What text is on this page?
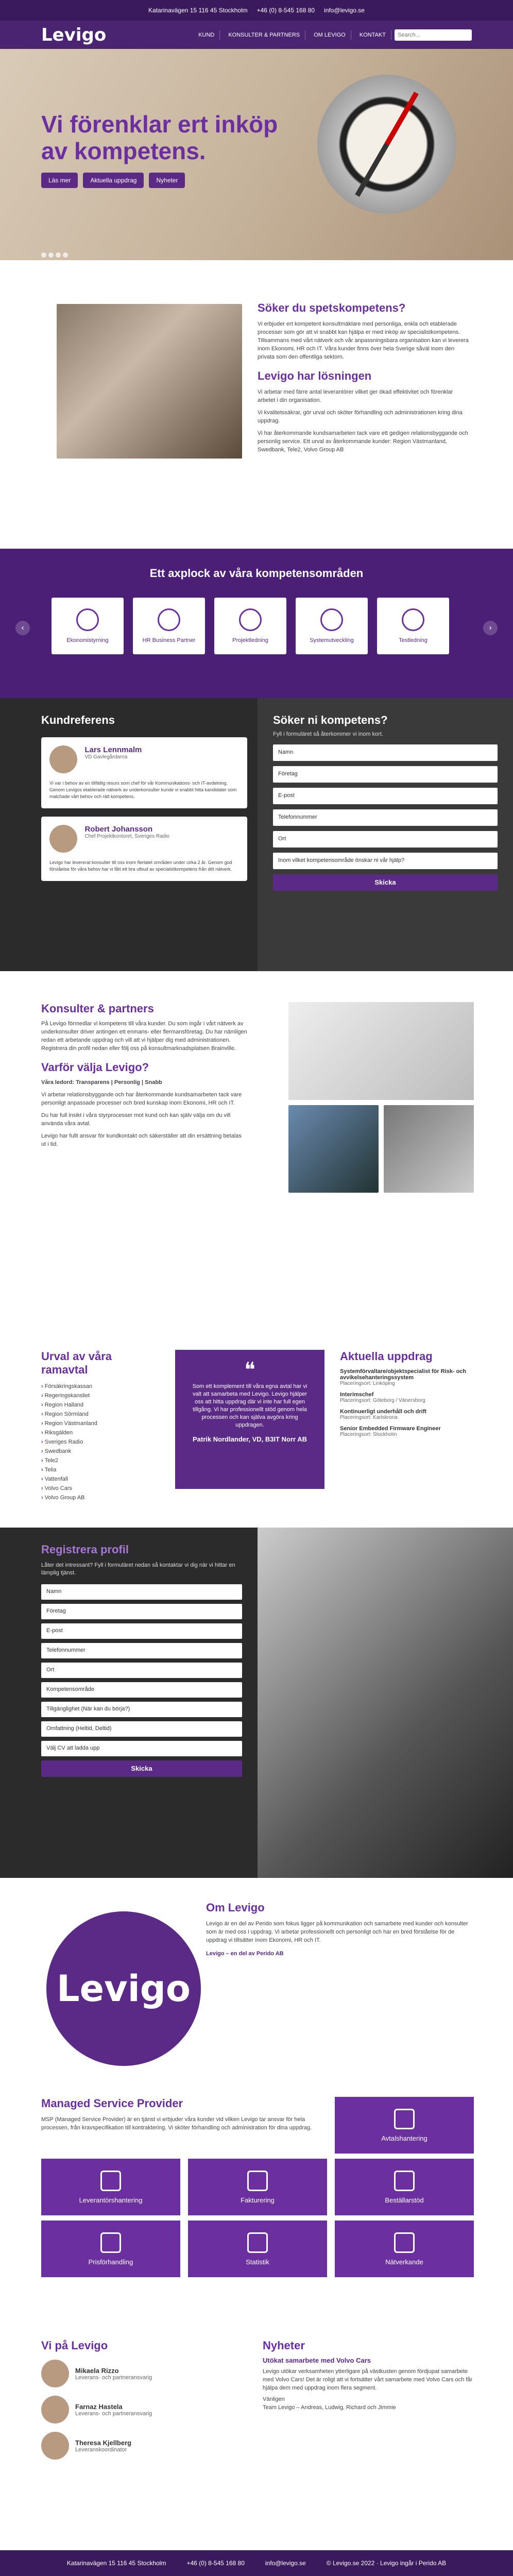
Katarinavägen 15 116 45 Stockholm +46 (0) 8-545 168 80 info@levigo.se
Levigo	KUND	KONSULTER & PARTNERS	OM LEVIGO	KONTAKT
Search...
Vi förenklar ert inköp av kompetens.
Läs mer	Aktuella uppdrag	Nyheter
Söker du spetskompetens?

Vi erbjuder ert kompetent konsultmäklare med personliga, enkla och etablerade processer som gör att vi snabbt kan hjälpa er med inköp av specialistkompetens. Tillsammans med vårt nätverk och vår anpassningsbara organisation kan vi leverera inom Ekonomi, HR och IT. Våra kunder finns över hela Sverige såväl inom den privata som den offentliga sektorn.

Levigo har lösningen

Vi arbetar med färre antal leverantörer vilket ger ökad effektivitet och förenklar arbetet i din organisation.

Vi kvalitetssäkrar, gör urval och sköter förhandling och administrationen kring dina uppdrag.

Vi har återkommande kundsamarbeten tack vare ett gedigen relationsbyggande och personlig service. Ett urval av återkommande kunder: Region Västmanland, Swedbank, Tele2, Volvo Group AB

Ett axplock av våra kompetensområden
‹	›
Ekonomistyrning	HR Business Partner	Projektledning	Systemutveckling	Testledning
Kundreferens

Lars Lennmalm
VD Gavlegårdarna

Vi var i behov av en tillfällig resurs som chef för vår Kommunikations- och IT-avdelning. Genom Levigos etablerade nätverk av underkonsulter kunde vi snabbt hitta kandidater som matchade vårt behov och rätt kompetens.

Robert Johansson
Chef Projektkontoret, Sveriges Radio

Levigo har levererat konsulter till oss inom flertalet områden under cirka 2 år. Genom god förståelse för våra behov har vi fått ett bra utbud av specialistkompetens från ditt nätverk.

Söker ni kompetens?
Fyll i formuläret så återkommer vi inom kort.
Namn
Företag
E-post
Telefonnummer
Ort
Inom vilket kompetensområde önskar ni vår hjälp?
Skicka
Konsulter & partners

På Levigo förmedlar vi kompetens till våra kunder. Du som ingår i vårt nätverk av underkonsulter driver antingen ett enmans- eller flermansföretag. Du har nämligen redan ett arbetande uppdrag och vill att vi hjälper dig med administrationen. Registrera din profil nedan eller följ oss på konsultmarknadsplatsen Brainville.

Varför välja Levigo?

Våra ledord: Transparens | Personlig | Snabb

Vi arbetar relationsbyggande och har återkommande kundsamarbeten tack vare personligt anpassade processer och bred kunskap inom Ekonomi, HR och IT.

Du har full insikt i våra styrprocesser mot kund och kan själv välja om du vill använda våra avtal.

Levigo har fullt ansvar för kundkontakt och säkerställer att din ersättning betalas ut i tid.

Urval av våra ramavtal
› Försäkringskassan
› Regeringskansliet
› Region Halland
› Region Sörmland
› Region Västmanland
› Riksgälden
› Sveriges Radio
› Swedbank
› Tele2
› Telia
› Vattenfall
› Volvo Cars
› Volvo Group AB
❝

Som ett komplement till våra egna avtal har vi valt att samarbeta med Levigo. Levigo hjälper oss att hitta uppdrag där vi inte har full egen tillgång. Vi har professionellt stöd genom hela processen och kan själva avgöra kring uppdragen.

Patrik Nordlander, VD, B3IT Norr AB

Aktuella uppdrag
Systemförvaltare/objektspecialist för Risk- och avvikelsehanteringssystem
Placeringsort: Linköping
Interimschef
Placeringsort: Göteborg / Vänersborg
Kontinuerligt underhåll och drift
Placeringsort: Karlskrona
Senior Embedded Firmware Engineer
Placeringsort: Stockholm
Registrera profil

Låter det intressant? Fyll i formuläret nedan så kontaktar vi dig när vi hittar en lämplig tjänst.

Namn
Företag
E-post
Telefonnummer
Ort
Kompetensområde
Tillgänglighet (När kan du börja?)
Omfattning (Heltid, Deltid)
Välj CV att ladda upp
Skicka
Levigo
Om Levigo

Levigo är en del av Perido som fokus ligger på kommunikation och samarbete med kunder och konsulter som är med oss i uppdrag. Vi arbetar professionellt och personligt och har en bred förståelse för de uppdrag vi tillsätter inom Ekonomi, HR och IT.

Levigo – en del av Perido AB

Managed Service Provider

MSP (Managed Service Provider) är en tjänst vi erbjuder våra kunder vid vilken Levigo tar ansvar för hela processen, från kravspecifikation till kontraktering. Vi sköter förhandling och administration för dina uppdrag.

Avtalshantering
Leverantörshantering	Fakturering	Beställarstöd
Prisförhandling	Statistik	Nätverkande
Vi på Levigo
Mikaela Rizzo
Leverans- och partneransvarig
Farnaz Hastela
Leverans- och partneransvarig
Theresa Kjellberg
Leveranskoordinator
Nyheter
Utökat samarbete med Volvo Cars

Levigo utökar verksamheten ytterligare på västkusten genom fördjupat samarbete med Volvo Cars! Det är roligt att vi fortsätter vårt samarbete med Volvo Cars och får hjälpa dem med uppdrag inom flera segment.

Vänligen
Team Levigo – Andreas, Ludwig, Richard och Jimmie

Katarinavägen 15 116 45 Stockholm	+46 (0) 8-545 168 80	info@levigo.se	© Levigo.se 2022 · Levigo ingår i Perido AB
